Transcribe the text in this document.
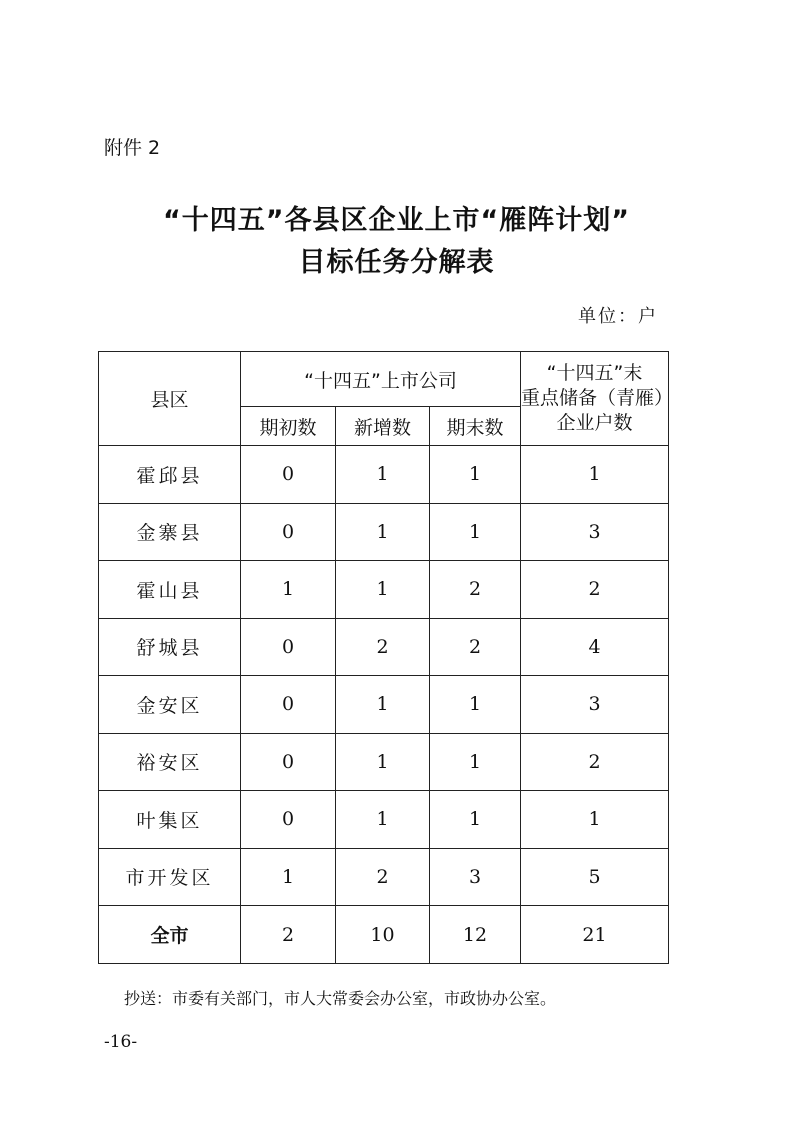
附件 2
“十四五”各县区企业上市“雁阵计划”
目标任务分解表
单位：户
县区	“十四五”上市公司			“十四五”末
重点储备（青雁）
企业户数

	期初数	新增数	期末数	
霍邱县	0	1	1	1
金寨县	0	1	1	3
霍山县	1	1	2	2
舒城县	0	2	2	4
金安区	0	1	1	3
裕安区	0	1	1	2
叶集区	0	1	1	1
市开发区	1	2	3	5
全市	2	10	12	21
抄送：市委有关部门，市人大常委会办公室，市政协办公室。
-16-
